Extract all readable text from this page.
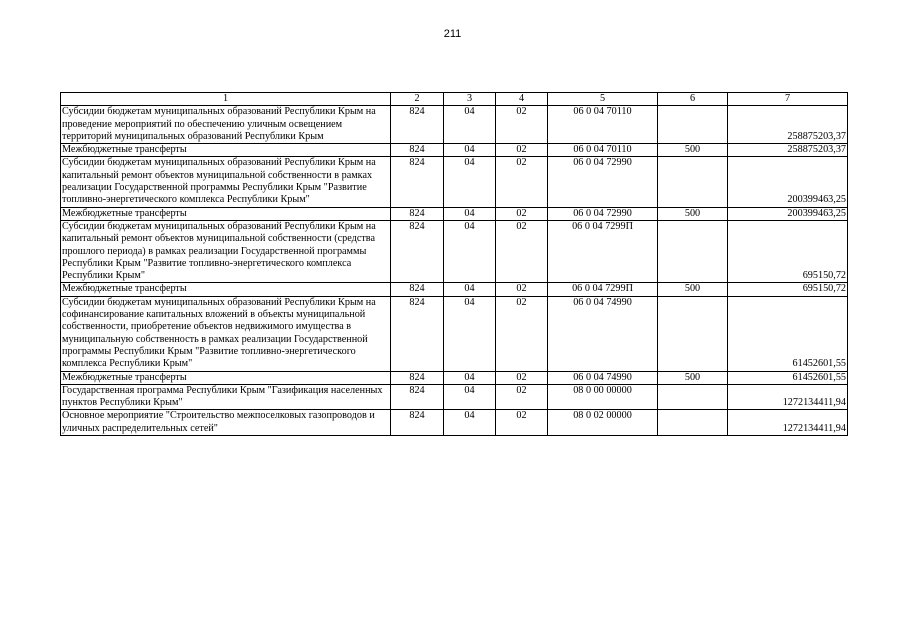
211
1	2	3	4	5	6	7
Субсидии бюджетам муниципальных образований Республики Крым на проведение мероприятий по обеспечению уличным освещением территорий муниципальных образований Республики Крым	824	04	02	06 0 04 70110		258875203,37
Межбюджетные трансферты	824	04	02	06 0 04 70110	500	258875203,37
Субсидии бюджетам муниципальных образований Республики Крым на капитальный ремонт объектов муниципальной собственности в рамках реализации Государственной программы Республики Крым "Развитие топливно-энергетического комплекса Республики Крым"	824	04	02	06 0 04 72990		200399463,25
Межбюджетные трансферты	824	04	02	06 0 04 72990	500	200399463,25
Субсидии бюджетам муниципальных образований Республики Крым на капитальный ремонт объектов муниципальной собственности (средства прошлого периода) в рамках реализации Государственной программы Республики Крым "Развитие топливно-энергетического комплекса Республики Крым"	824	04	02	06 0 04 7299П		695150,72
Межбюджетные трансферты	824	04	02	06 0 04 7299П	500	695150,72
Субсидии бюджетам муниципальных образований Республики Крым на софинансирование капитальных вложений в объекты муниципальной собственности, приобретение объектов недвижимого имущества в муниципальную собственность в рамках реализации Государственной программы Республики Крым "Развитие топливно-энергетического комплекса Республики Крым"	824	04	02	06 0 04 74990		61452601,55
Межбюджетные трансферты	824	04	02	06 0 04 74990	500	61452601,55
Государственная программа Республики Крым "Газификация населенных пунктов Республики Крым"	824	04	02	08 0 00 00000		1272134411,94
Основное мероприятие "Строительство межпоселковых газопроводов и уличных распределительных сетей"	824	04	02	08 0 02 00000		1272134411,94
